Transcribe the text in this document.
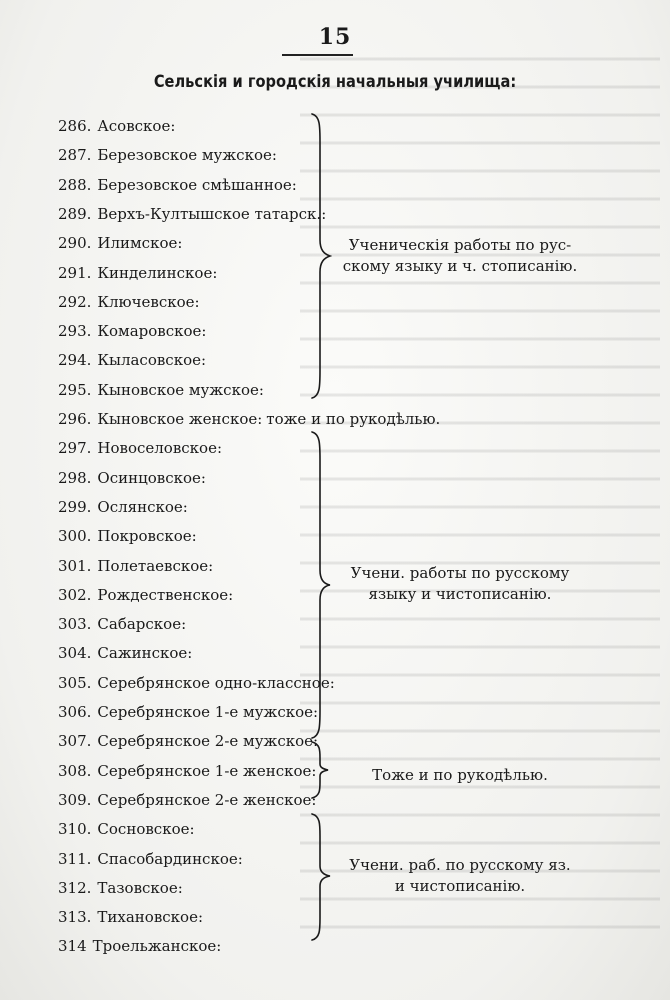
15
Сельскія и городскія начальныя училища:
286. Асовское:
287. Березовское мужское:
288. Березовское смѣшанное:
289. Верхъ-Култышское татарск.:
290. Илимское:
291. Кинделинское:
292. Ключевское:
293. Комаровское:
294. Кыласовское:
295. Кыновское мужское:
296. Кыновское женское: тоже и по рукодѣлью.
297. Новоселовское:
298. Осинцовское:
299. Ослянское:
300. Покровское:
301. Полетаевское:
302. Рождественское:
303. Сабарское:
304. Сажинское:
305. Серебрянское одно-классное:
306. Серебрянское 1-е мужское:
307. Серебрянское 2-е мужское:
308. Серебрянское 1-е женское:
309. Серебрянское 2-е женское:
310. Сосновское:
311. Спасобардинское:
312. Тазовское:
313. Тихановское:
314 Троельжанское:
Ученическія работы по рус-
скому языку и ч. стописанію.
Учени. работы по русскому
языку и чистописанію.
Тоже и по рукодѣлью.
Учени. раб. по русскому яз.
и чистописанію.
